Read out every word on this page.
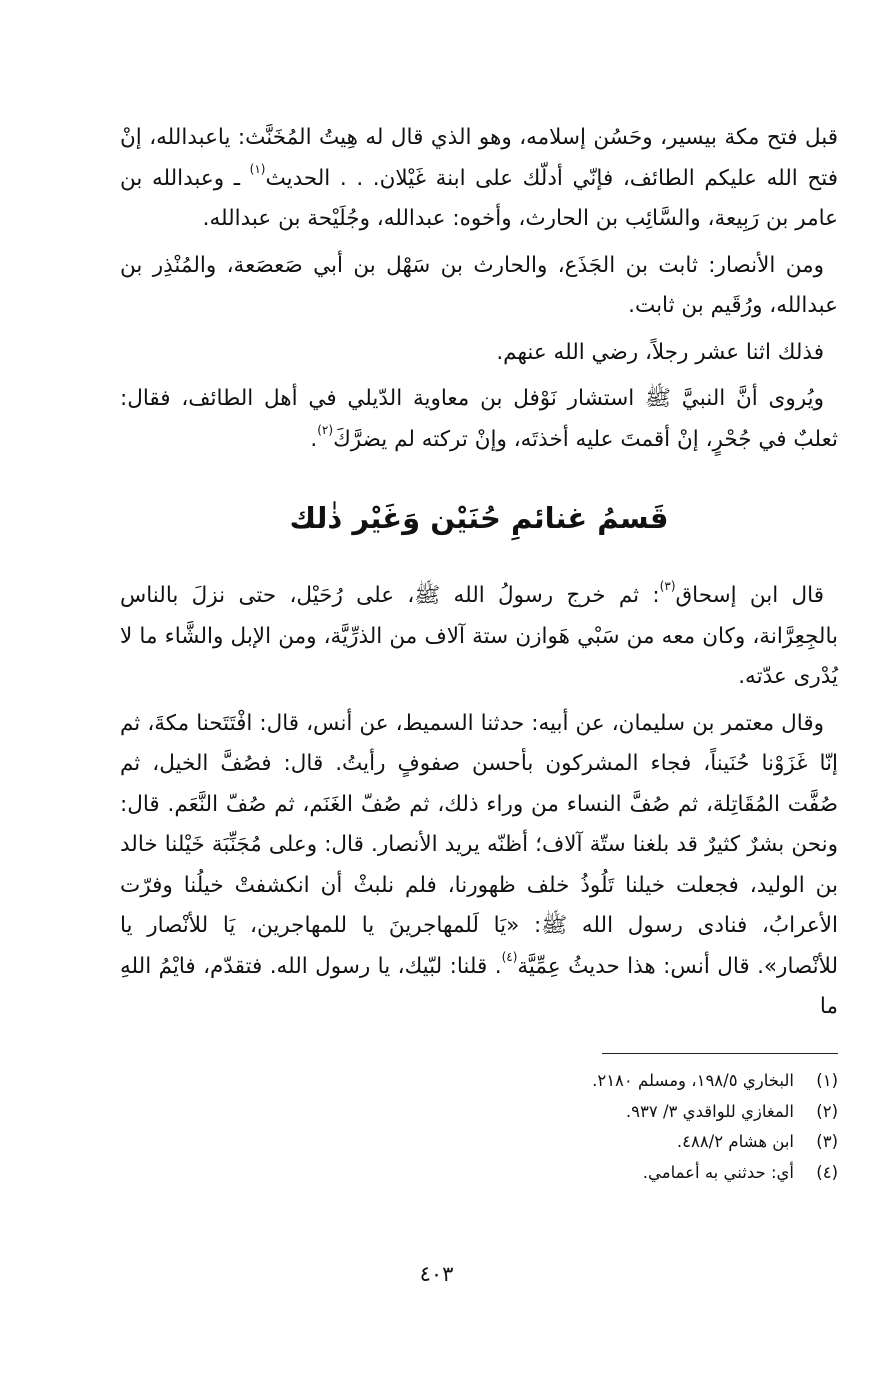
قبل فتح مكة بيسير، وحَسُن إسلامه، وهو الذي قال له هِيتُ المُخَنَّث: ياعبدالله، إنْ فتح الله عليكم الطائف، فإنّي أدلّك على ابنة غَيْلان. . . الحديث$^{(١)}$ ـ وعبدالله بن عامر بن رَبِيعة، والسَّائِب بن الحارث، وأخوه: عبدالله، وجُلَيْحة بن عبدالله.

ومن الأنصار: ثابت بن الجَذَع، والحارث بن سَهْل بن أبي صَعصَعة، والمُنْذِر بن عبدالله، ورُقَيم بن ثابت.

فذلك اثنا عشر رجلاً، رضي الله عنهم.

ويُروى أنَّ النبيَّ ﷺ استشار نَوْفل بن معاوية الدّيلي في أهل الطائف، فقال: ثعلبٌ في جُحْرٍ، إنْ أقمتَ عليه أخذتَه، وإنْ تركته لم يضرَّكَ$^{(٢)}$.

قَسمُ غنائمِ حُنَيْن وَغَيْر ذٰلك

قال ابن إسحاق$^{(٣)}$: ثم خرج رسولُ الله ﷺ، على رُحَيْل، حتى نزلَ بالناس بالجِعِرَّانة، وكان معه من سَبْي هَوازن ستة آلاف من الذرِّيَّة، ومن الإبل والشَّاء ما لا يُدْرى عدّته.

وقال معتمر بن سليمان، عن أبيه: حدثنا السميط، عن أنس، قال: افْتَتَحنا مكةَ، ثم إنّا غَزَوْنا حُنَيناً، فجاء المشركون بأحسن صفوفٍ رأيتُ. قال: فصُفَّ الخيل، ثم صُفَّت المُقَاتِلة، ثم صُفَّ النساء من وراء ذلك، ثم صُفّ الغَنَم، ثم صُفّ النَّعَم. قال: ونحن بشرٌ كثيرٌ قد بلغنا ستّة آلاف؛ أظنّه يريد الأنصار. قال: وعلى مُجَنِّبَة خَيْلنا خالد بن الوليد، فجعلت خيلنا تَلُوذُ خلف ظهورنا، فلم نلبثْ أن انكشفتْ خيلُنا وفرّت الأعرابُ، فنادى رسول الله ﷺ: «يَا لَلمهاجرينَ يا للمهاجرين، يَا للأنْصار يا للأنْصار». قال أنس: هذا حديثُ عِمِّيَّة$^{(٤)}$. قلنا: لبّيك، يا رسول الله. فتقدّم، فايْمُ اللهِ ما

(١)البخاري ١٩٨/٥، ومسلم ٢١٨٠.
(٢)المغازي للواقدي ٣/ ٩٣٧.
(٣)ابن هشام ٤٨٨/٢.
(٤)أي: حدثني به أعمامي.
٤٠٣
